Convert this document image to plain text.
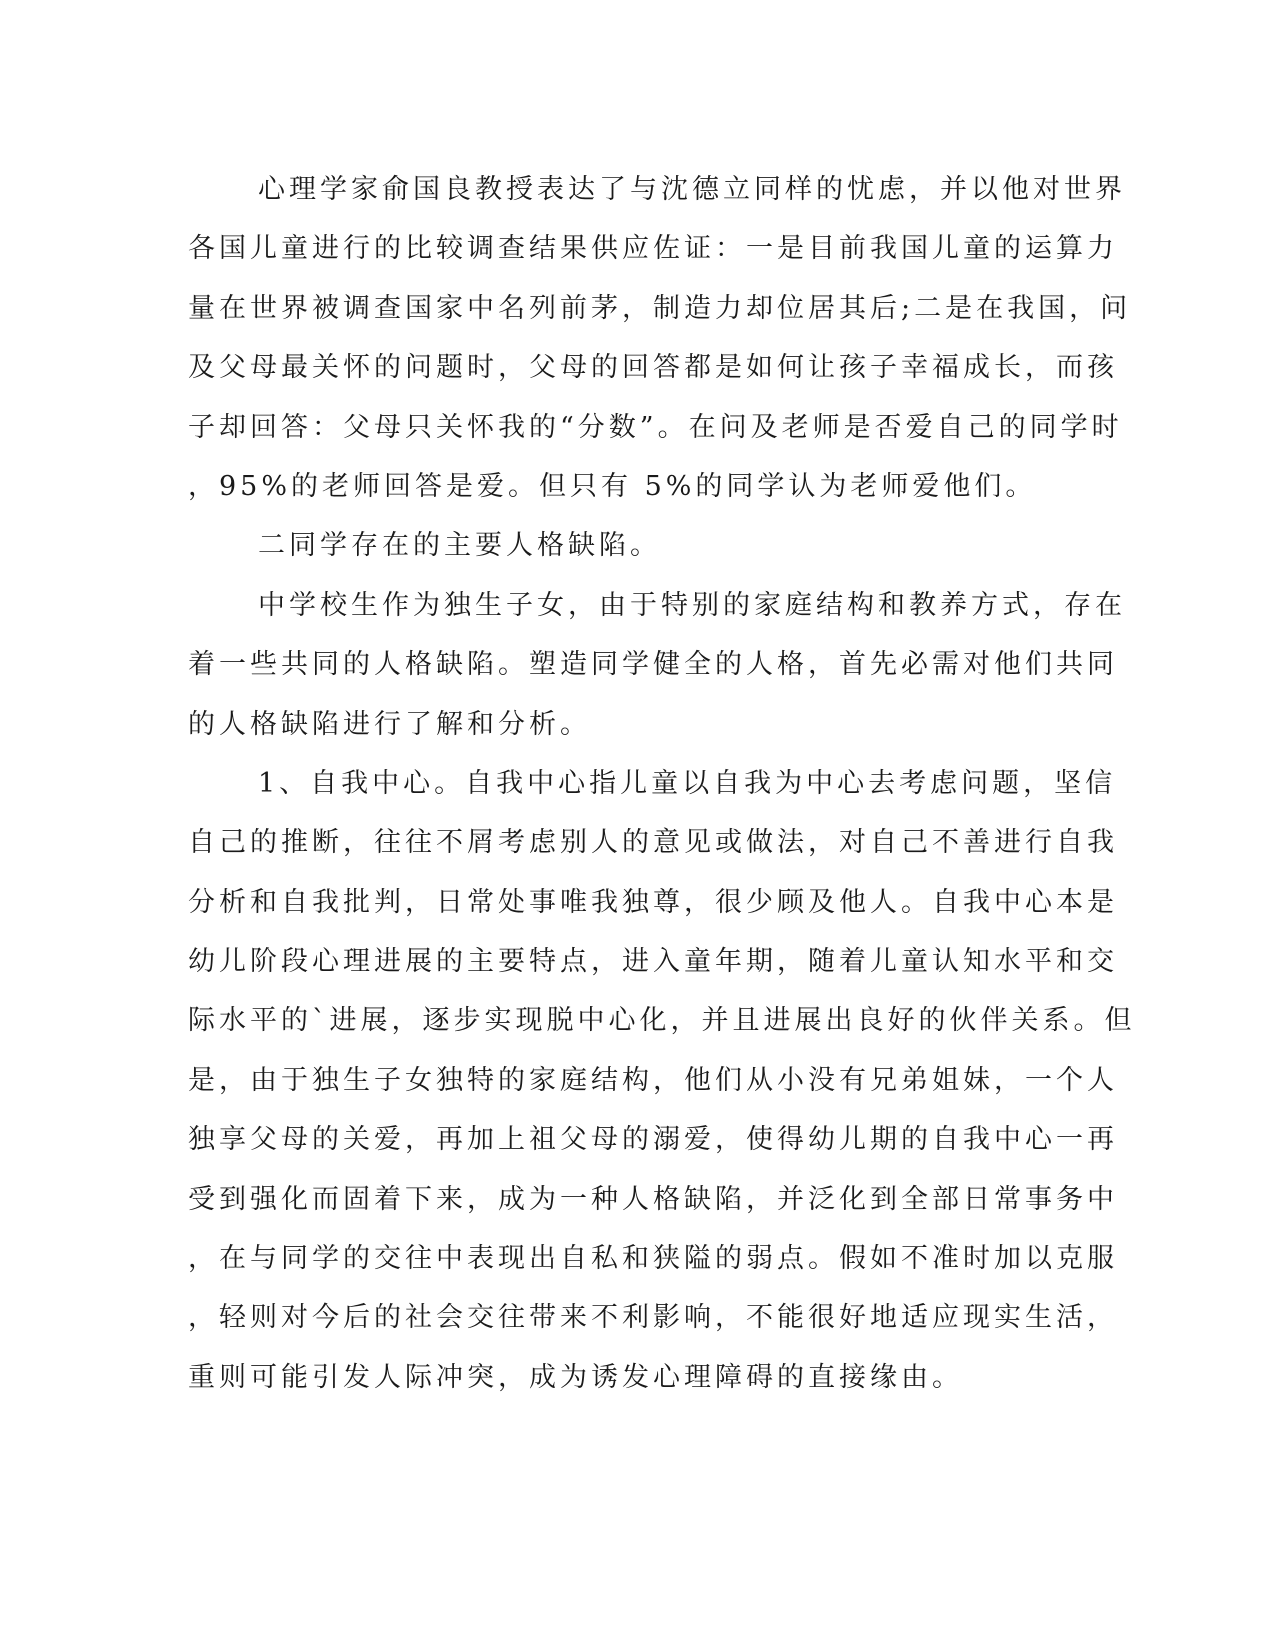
心理学家俞国良教授表达了与沈德立同样的忧虑，并以他对世界
各国儿童进行的比较调查结果供应佐证：一是目前我国儿童的运算力
量在世界被调查国家中名列前茅，制造力却位居其后;二是在我国，问
及父母最关怀的问题时，父母的回答都是如何让孩子幸福成长，而孩
子却回答：父母只关怀我的“分数”。在问及老师是否爱自己的同学时
，95%的老师回答是爱。但只有 5%的同学认为老师爱他们。
二同学存在的主要人格缺陷。
中学校生作为独生子女，由于特别的家庭结构和教养方式，存在
着一些共同的人格缺陷。塑造同学健全的人格，首先必需对他们共同
的人格缺陷进行了解和分析。
1、自我中心。自我中心指儿童以自我为中心去考虑问题，坚信
自己的推断，往往不屑考虑别人的意见或做法，对自己不善进行自我
分析和自我批判，日常处事唯我独尊，很少顾及他人。自我中心本是
幼儿阶段心理进展的主要特点，进入童年期，随着儿童认知水平和交
际水平的`进展，逐步实现脱中心化，并且进展出良好的伙伴关系。但
是，由于独生子女独特的家庭结构，他们从小没有兄弟姐妹，一个人
独享父母的关爱，再加上祖父母的溺爱，使得幼儿期的自我中心一再
受到强化而固着下来，成为一种人格缺陷，并泛化到全部日常事务中
，在与同学的交往中表现出自私和狭隘的弱点。假如不准时加以克服
，轻则对今后的社会交往带来不利影响，不能很好地适应现实生活，
重则可能引发人际冲突，成为诱发心理障碍的直接缘由。
